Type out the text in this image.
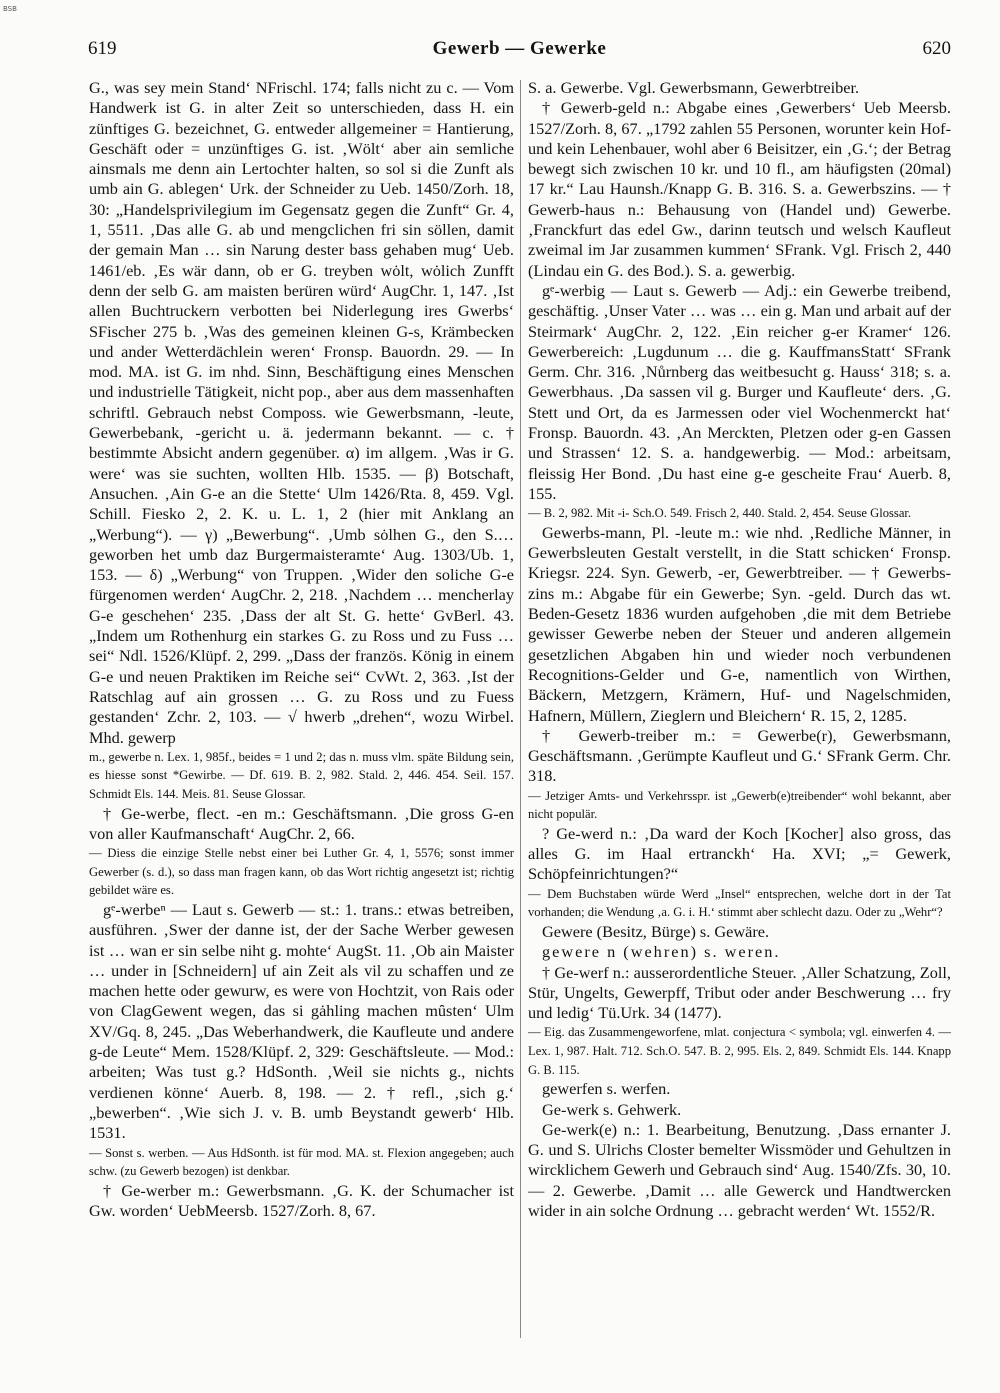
BSB
619	Gewerb — Gewerke	620

G., was sey mein Stand‘ NFrischl. 174; falls nicht zu c. — Vom Handwerk ist G. in alter Zeit so unterschieden, dass H. ein zünftiges G. bezeichnet, G. entweder allgemeiner = Hantierung, Geschäft oder = unzünftiges G. ist. ‚Wölt‘ aber ain semliche ainsmals me denn ain Lertochter halten, so sol si die Zunft als umb ain G. ablegen‘ Urk. der Schneider zu Ueb. 1450/Zorh. 18, 30: „Handelsprivilegium im Gegensatz gegen die Zunft“ Gr. 4, 1, 5511. ‚Das alle G. ab und mengclichen fri sin söllen, damit der gemain Man … sin Narung dester bass gehaben mug‘ Ueb. 1461/eb. ‚Es wär dann, ob er G. treyben wȯlt, wȯlich Zunfft denn der selb G. am maisten berüren würd‘ AugChr. 1, 147. ‚Ist allen Buchtruckern verbotten bei Niderlegung ires Gwerbs‘ SFischer 275 b. ‚Was des gemeinen kleinen G-s, Krämbecken und ander Wetterdächlein weren‘ Fronsp. Bauordn. 29. — In mod. MA. ist G. im nhd. Sinn, Beschäftigung eines Menschen und industrielle Tätigkeit, nicht pop., aber aus dem massenhaften schriftl. Gebrauch nebst Composs. wie Gewerbsmann, -leute, Gewerbebank, -gericht u. ä. jedermann bekannt. — c. † bestimmte Absicht andern gegenüber. α) im allgem. ‚Was ir G. were‘ was sie suchten, wollten Hlb. 1535. — β) Botschaft, Ansuchen. ‚Ain G-e an die Stette‘ Ulm 1426/Rta. 8, 459. Vgl. Schill. Fiesko 2, 2. K. u. L. 1, 2 (hier mit Anklang an „Werbung“). — γ) „Bewerbung“. ‚Umb sȯlhen G., den S.… geworben het umb daz Burgermaisteramte‘ Aug. 1303/Ub. 1, 153. — δ) „Werbung“ von Truppen. ‚Wider den soliche G-e fürgenomen werden‘ AugChr. 2, 218. ‚Nachdem … mencherlay G-e geschehen‘ 235. ‚Dass der alt St. G. hette‘ GvBerl. 43. „Indem um Rothenhurg ein starkes G. zu Ross und zu Fuss … sei“ Ndl. 1526/Klüpf. 2, 299. „Dass der französ. König in einem G-e und neuen Praktiken im Reiche sei“ CvWt. 2, 363. ‚Ist der Ratschlag auf ain grossen … G. zu Ross und zu Fuess gestanden‘ Zchr. 2, 103. — √ hwerb „drehen“, wozu Wirbel. Mhd. gewerp

m., gewerbe n. Lex. 1, 985f., beides = 1 und 2; das n. muss vlm. späte Bildung sein, es hiesse sonst *Gewirbe. — Df. 619. B. 2, 982. Stald. 2, 446. 454. Seil. 157. Schmidt Els. 144. Meis. 81. Seuse Glossar.

† Ge-werbe, flect. -en m.: Geschäftsmann. ‚Die gross G-en von aller Kaufmanschaft‘ AugChr. 2, 66.

— Diess die einzige Stelle nebst einer bei Luther Gr. 4, 1, 5576; sonst immer Gewerber (s. d.), so dass man fragen kann, ob das Wort richtig angesetzt ist; richtig gebildet wäre es.

gᵉ-werbeⁿ — Laut s. Gewerb — st.: 1. trans.: etwas betreiben, ausführen. ‚Swer der danne ist, der der Sache Werber gewesen ist … wan er sin selbe niht g. mohte‘ AugSt. 11. ‚Ob ain Maister … under in [Schneidern] uf ain Zeit als vil zu schaffen und ze machen hette oder gewurw, es were von Hochtzit, von Rais oder von ClagGewent wegen, das si gȧhling machen mȗsten‘ Ulm XV/Gq. 8, 245. „Das Weberhandwerk, die Kaufleute und andere g-de Leute“ Mem. 1528/Klüpf. 2, 329: Geschäftsleute. — Mod.: arbeiten; Was tust g.? HdSonth. ‚Weil sie nichts g., nichts verdienen könne‘ Auerb. 8, 198. — 2. † refl., ‚sich g.‘ „bewerben“. ‚Wie sich J. v. B. umb Beystandt gewerb‘ Hlb. 1531.

— Sonst s. werben. — Aus HdSonth. ist für mod. MA. st. Flexion angegeben; auch schw. (zu Gewerb bezogen) ist denkbar.

† Ge-werber m.: Gewerbsmann. ‚G. K. der Schumacher ist Gw. worden‘ UebMeersb. 1527/Zorh. 8, 67.

S. a. Gewerbe. Vgl. Gewerbsmann, Gewerbtreiber.

† Gewerb-geld n.: Abgabe eines ‚Gewerbers‘ Ueb Meersb. 1527/Zorh. 8, 67. „1792 zahlen 55 Personen, worunter kein Hof- und kein Lehenbauer, wohl aber 6 Beisitzer, ein ‚G.‘; der Betrag bewegt sich zwischen 10 kr. und 10 fl., am häufigsten (20mal) 17 kr.“ Lau Haunsh./Knapp G. B. 316. S. a. Gewerbszins. — † Gewerb-haus n.: Behausung von (Handel und) Gewerbe. ‚Franckfurt das edel Gw., darinn teutsch und welsch Kaufleut zweimal im Jar zusammen kummen‘ SFrank. Vgl. Frisch 2, 440 (Lindau ein G. des Bod.). S. a. gewerbig.

gᵉ-werbig — Laut s. Gewerb — Adj.: ein Gewerbe treibend, geschäftig. ‚Unser Vater … was … ein g. Man und arbait auf der Steirmark‘ AugChr. 2, 122. ‚Ein reicher g-er Kramer‘ 126. Gewerbereich: ‚Lugdunum … die g. KauffmansStatt‘ SFrank Germ. Chr. 316. ‚Nůrnberg das weitbesucht g. Hauss‘ 318; s. a. Gewerbhaus. ‚Da sassen vil g. Burger und Kaufleute‘ ders. ‚G. Stett und Ort, da es Jarmessen oder viel Wochenmerckt hat‘ Fronsp. Bauordn. 43. ‚An Merckten, Pletzen oder g-en Gassen und Strassen‘ 12. S. a. handgewerbig. — Mod.: arbeitsam, fleissig Her Bond. ‚Du hast eine g-e gescheite Frau‘ Auerb. 8, 155.

— B. 2, 982. Mit -i- Sch.O. 549. Frisch 2, 440. Stald. 2, 454. Seuse Glossar.

Gewerbs-mann, Pl. -leute m.: wie nhd. ‚Redliche Männer, in Gewerbsleuten Gestalt verstellt, in die Statt schicken‘ Fronsp. Kriegsr. 224. Syn. Gewerb, -er, Gewerbtreiber. — † Gewerbs-zins m.: Abgabe für ein Gewerbe; Syn. -geld. Durch das wt. Beden-Gesetz 1836 wurden aufgehoben ‚die mit dem Betriebe gewisser Gewerbe neben der Steuer und anderen allgemein gesetzlichen Abgaben hin und wieder noch verbundenen Recognitions-Gelder und G-e, namentlich von Wirthen, Bäckern, Metzgern, Krämern, Huf- und Nagelschmiden, Hafnern, Müllern, Zieglern und Bleichern‘ R. 15, 2, 1285.

† Gewerb-treiber m.: = Gewerbe(r), Gewerbsmann, Geschäftsmann. ‚Gerümpte Kaufleut und G.‘ SFrank Germ. Chr. 318.

— Jetziger Amts- und Verkehrsspr. ist „Gewerb(e)treibender“ wohl bekannt, aber nicht populär.

? Ge-werd n.: ‚Da ward der Koch [Kocher] also gross, das alles G. im Haal ertranckh‘ Ha. XVI; „= Gewerk, Schöpfeinrichtungen?“

— Dem Buchstaben würde Werd „Insel“ entsprechen, welche dort in der Tat vorhanden; die Wendung ‚a. G. i. H.‘ stimmt aber schlecht dazu. Oder zu „Wehr“?

Gewere (Besitz, Bürge) s. Gewäre.

gewere n (wehren) s. weren.

† Ge-werf n.: ausserordentliche Steuer. ‚Aller Schatzung, Zoll, Stür, Ungelts, Gewerpff, Tribut oder ander Beschwerung … fry und ledig‘ Tü.Urk. 34 (1477).

— Eig. das Zusammengeworfene, mlat. conjectura < symbola; vgl. einwerfen 4. — Lex. 1, 987. Halt. 712. Sch.O. 547. B. 2, 995. Els. 2, 849. Schmidt Els. 144. Knapp G. B. 115.

gewerfen s. werfen.

Ge-werk s. Gehwerk.

Ge-werk(e) n.: 1. Bearbeitung, Benutzung. ‚Dass ernanter J. G. und S. Ulrichs Closter bemelter Wissmöder und Gehultzen in wircklichem Gewerh und Gebrauch sind‘ Aug. 1540/Zfs. 30, 10. — 2. Gewerbe. ‚Damit … alle Gewerck und Handtwercken wider in ain solche Ordnung … gebracht werden‘ Wt. 1552/R.
